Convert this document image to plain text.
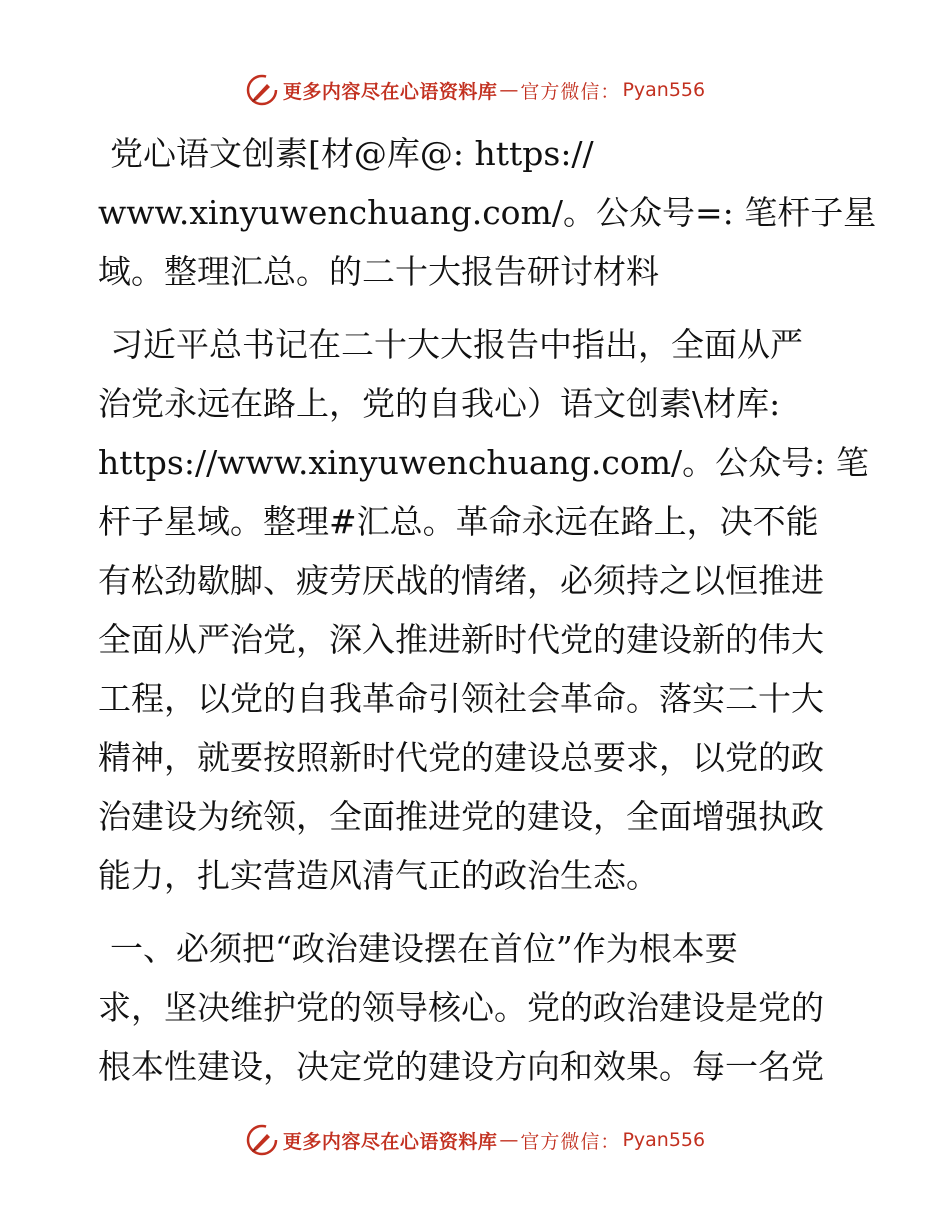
更多内容尽在心语资料库 — 官方微信： Pyan556
党心语文创素[材@库@: https://
www.xinyuwenchuang.com/。公众号=: 笔杆子星
域。整理汇总。的二十大报告研讨材料
习近平总书记在二十大大报告中指出，全面从严
治党永远在路上，党的自我心）语文创素\材库:
https://www.xinyuwenchuang.com/。公众号: 笔
杆子星域。整理#汇总。革命永远在路上，决不能
有松劲歇脚、疲劳厌战的情绪，必须持之以恒推进
全面从严治党，深入推进新时代党的建设新的伟大
工程，以党的自我革命引领社会革命。落实二十大
精神，就要按照新时代党的建设总要求，以党的政
治建设为统领，全面推进党的建设，全面增强执政
能力，扎实营造风清气正的政治生态。
一、必须把“政治建设摆在首位”作为根本要
求，坚决维护党的领导核心。党的政治建设是党的
根本性建设，决定党的建设方向和效果。每一名党
更多内容尽在心语资料库 — 官方微信： Pyan556
